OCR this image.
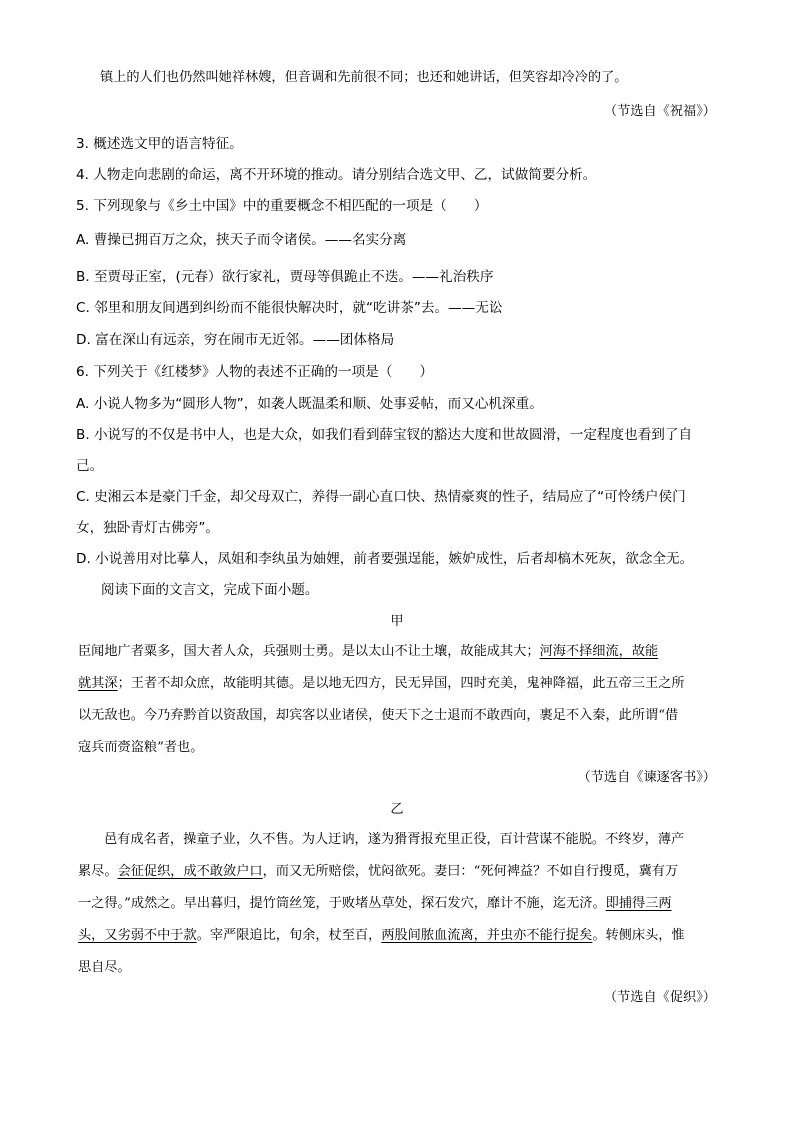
镇上的人们也仍然叫她祥林嫂，但音调和先前很不同；也还和她讲话，但笑容却冷冷的了。
（节选自《祝福》）
3. 概述选文甲的语言特征。
4. 人物走向悲剧的命运，离不开环境的推动。请分别结合选文甲、乙，试做简要分析。
5. 下列现象与《乡土中国》中的重要概念不相匹配的一项是（　　）
A. 曹操已拥百万之众，挟天子而令诸侯。——名实分离
B. 至贾母正室，(元春）欲行家礼，贾母等俱跪止不迭。——礼治秩序
C. 邻里和朋友间遇到纠纷而不能很快解决时，就“吃讲茶”去。——无讼
D. 富在深山有远亲，穷在闹市无近邻。——团体格局
6. 下列关于《红楼梦》人物的表述不正确的一项是（　　）
A. 小说人物多为“圆形人物”，如袭人既温柔和顺、处事妥帖，而又心机深重。
B. 小说写的不仅是书中人，也是大众，如我们看到薛宝钗的豁达大度和世故圆滑，一定程度也看到了自
己。
C. 史湘云本是豪门千金，却父母双亡，养得一副心直口快、热情豪爽的性子，结局应了“可怜绣户侯门
女，独卧青灯古佛旁”。
D. 小说善用对比摹人，凤姐和李纨虽为妯娌，前者要强逞能，嫉妒成性，后者却槁木死灰，欲念全无。
阅读下面的文言文，完成下面小题。
甲
臣闻地广者粟多，国大者人众，兵强则士勇。是以太山不让土壤，故能成其大；河海不择细流，故能
就其深；王者不却众庶，故能明其德。是以地无四方，民无异国，四时充美，鬼神降福，此五帝三王之所
以无敌也。今乃弃黔首以资敌国，却宾客以业诸侯，使天下之士退而不敢西向，裹足不入秦，此所谓“借
寇兵而赍盗粮”者也。
（节选自《谏逐客书》）
乙
邑有成名者，操童子业，久不售。为人迂讷，遂为猾胥报充里正役，百计营谋不能脱。不终岁，薄产
累尽。会征促织，成不敢敛户口，而又无所赔偿，忧闷欲死。妻曰：“死何裨益？不如自行搜觅，冀有万
一之得。”成然之。早出暮归，提竹筒丝笼，于败堵丛草处，探石发穴，靡计不施，迄无济。即捕得三两
头，又劣弱不中于款。宰严限追比，旬余，杖至百，两股间脓血流离，并虫亦不能行捉矣。转侧床头，惟
思自尽。
（节选自《促织》）
